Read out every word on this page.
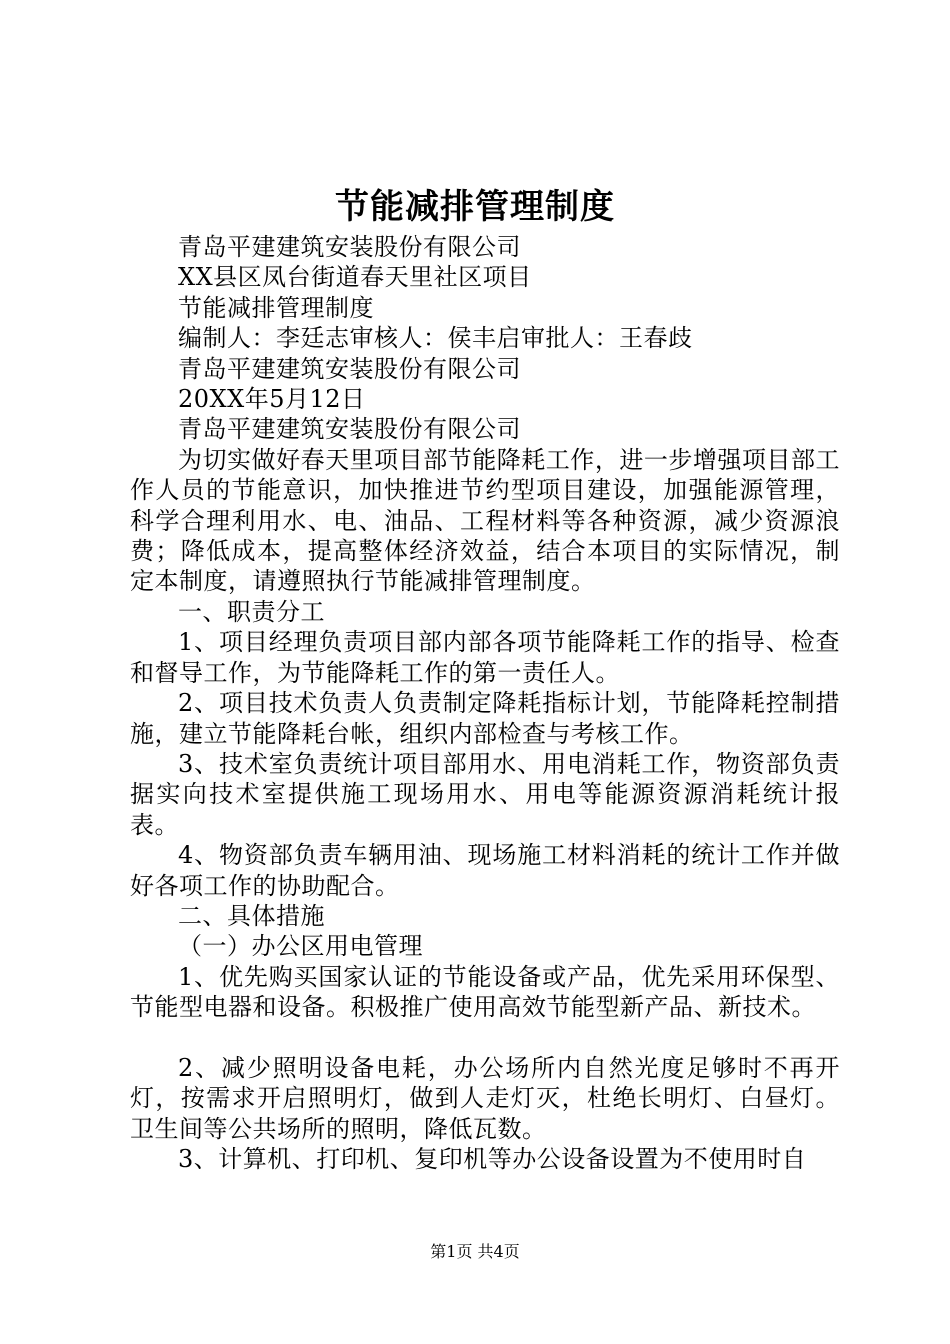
节能减排管理制度

青岛平建建筑安装股份有限公司

XX县区凤台街道春天里社区项目

节能减排管理制度

编制人：李廷志审核人：侯丰启审批人：王春歧

青岛平建建筑安装股份有限公司

20XX年5月12日

青岛平建建筑安装股份有限公司

为切实做好春天里项目部节能降耗工作，进一步增强项目部工作人员的节能意识，加快推进节约型项目建设，加强能源管理，科学合理利用水、电、油品、工程材料等各种资源，减少资源浪费；降低成本，提高整体经济效益，结合本项目的实际情况，制定本制度，请遵照执行节能减排管理制度。

一、职责分工

1、项目经理负责项目部内部各项节能降耗工作的指导、检查和督导工作，为节能降耗工作的第一责任人。

2、项目技术负责人负责制定降耗指标计划，节能降耗控制措施，建立节能降耗台帐，组织内部检查与考核工作。

3、技术室负责统计项目部用水、用电消耗工作，物资部负责据实向技术室提供施工现场用水、用电等能源资源消耗统计报表。

4、物资部负责车辆用油、现场施工材料消耗的统计工作并做好各项工作的协助配合。

二、具体措施

（一）办公区用电管理

1、优先购买国家认证的节能设备或产品，优先采用环保型、节能型电器和设备。积极推广使用高效节能型新产品、新技术。

2、减少照明设备电耗，办公场所内自然光度足够时不再开灯，按需求开启照明灯，做到人走灯灭，杜绝长明灯、白昼灯。卫生间等公共场所的照明，降低瓦数。

3、计算机、打印机、复印机等办公设备设置为不使用时自

第1页 共4页
